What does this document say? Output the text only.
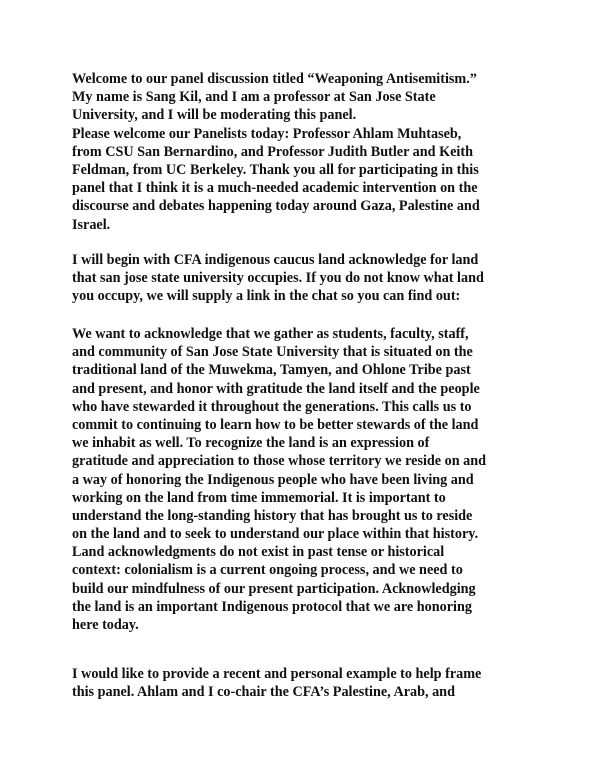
Welcome to our panel discussion titled “Weaponing Antisemitism.”
My name is Sang Kil, and I am a professor at San Jose State
University, and I will be moderating this panel.
Please welcome our Panelists today: Professor Ahlam Muhtaseb,
from CSU San Bernardino, and Professor Judith Butler and Keith
Feldman, from UC Berkeley. Thank you all for participating in this
panel that I think it is a much-needed academic intervention on the
discourse and debates happening today around Gaza, Palestine and
Israel.
I will begin with CFA indigenous caucus land acknowledge for land
that san jose state university occupies. If you do not know what land
you occupy, we will supply a link in the chat so you can find out:
We want to acknowledge that we gather as students, faculty, staff,
and community of San Jose State University that is situated on the
traditional land of the Muwekma, Tamyen, and Ohlone Tribe past
and present, and honor with gratitude the land itself and the people
who have stewarded it throughout the generations. This calls us to
commit to continuing to learn how to be better stewards of the land
we inhabit as well. To recognize the land is an expression of
gratitude and appreciation to those whose territory we reside on and
a way of honoring the Indigenous people who have been living and
working on the land from time immemorial. It is important to
understand the long-standing history that has brought us to reside
on the land and to seek to understand our place within that history.
Land acknowledgments do not exist in past tense or historical
context: colonialism is a current ongoing process, and we need to
build our mindfulness of our present participation. Acknowledging
the land is an important Indigenous protocol that we are honoring
here today.
I would like to provide a recent and personal example to help frame
this panel. Ahlam and I co-chair the CFA’s Palestine, Arab, and
